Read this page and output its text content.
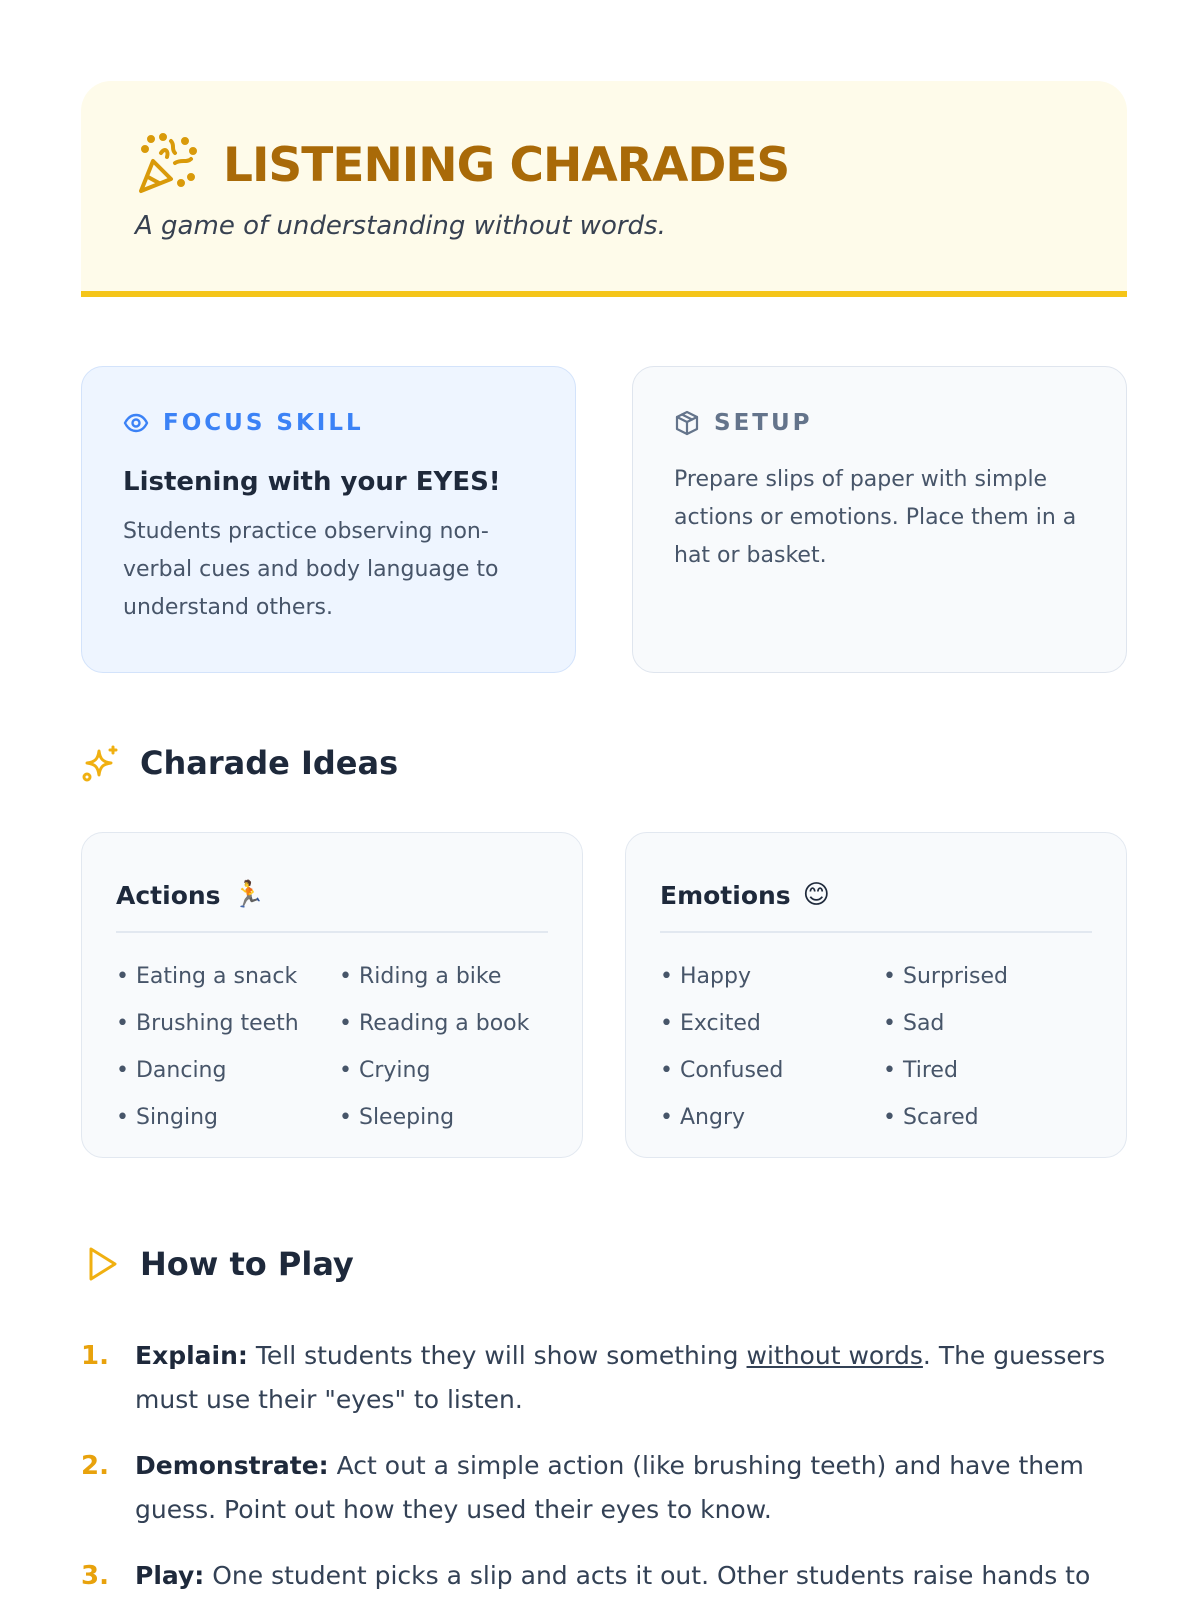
LISTENING CHARADES
A game of understanding without words.
FOCUS SKILL
Listening with your EYES!
Students practice observing non-verbal cues and body language to understand others.
SETUP
Prepare slips of paper with simple actions or emotions. Place them in a hat or basket.
Charade Ideas
Actions 🏃
• Eating a snack	• Riding a bike
• Brushing teeth	• Reading a book
• Dancing	• Crying
• Singing	• Sleeping
Emotions 😊
• Happy	• Surprised
• Excited	• Sad
• Confused	• Tired
• Angry	• Scared
How to Play
1.	Explain: Tell students they will show something without words. The guessers must use their "eyes" to listen.
2.	Demonstrate: Act out a simple action (like brushing teeth) and have them guess. Point out how they used their eyes to know.
3.	Play: One student picks a slip and acts it out. Other students raise hands to
